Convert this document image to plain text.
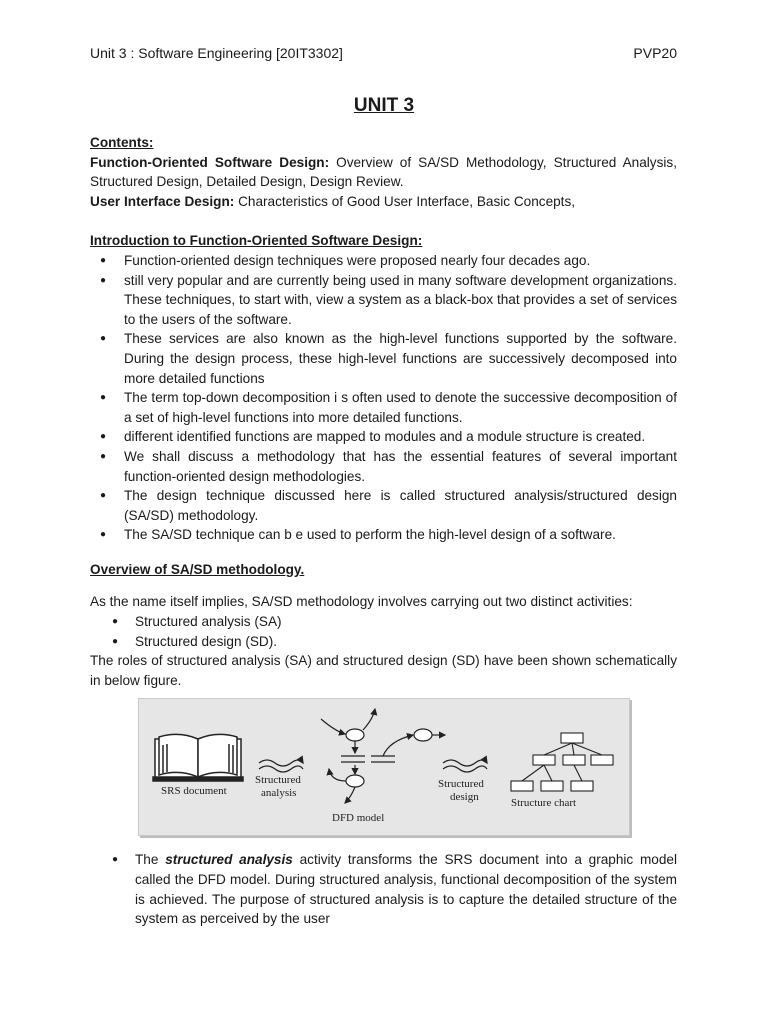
Unit 3 : Software Engineering [20IT3302]	PVP20
UNIT 3

Contents:

Function-Oriented Software Design: Overview of SA/SD Methodology, Structured Analysis, Structured Design, Detailed Design, Design Review.

User Interface Design: Characteristics of Good User Interface, Basic Concepts,

Introduction to Function-Oriented Software Design:

● Function-oriented design techniques were proposed nearly four decades ago.
● still very popular and are currently being used in many software development organizations. These techniques, to start with, view a system as a black-box that provides a set of services to the users of the software.
● These services are also known as the high-level functions supported by the software. During the design process, these high-level functions are successively decomposed into more detailed functions
● The term top-down decomposition i s often used to denote the successive decomposition of a set of high-level functions into more detailed functions.
● different identified functions are mapped to modules and a module structure is created.
● We shall discuss a methodology that has the essential features of several important function-oriented design methodologies.
● The design technique discussed here is called structured analysis/structured design (SA/SD) methodology.
● The SA/SD technique can b e used to perform the high-level design of a software.

Overview of SA/SD methodology.

As the name itself implies, SA/SD methodology involves carrying out two distinct activities:

● Structured analysis (SA)
● Structured design (SD).

The roles of structured analysis (SA) and structured design (SD) have been shown schematically in below figure.

SRS document
Structured
analysis
DFD model
Structured
design	Structure chart
● The structured analysis activity transforms the SRS document into a graphic model called the DFD model. During structured analysis, functional decomposition of the system is achieved. The purpose of structured analysis is to capture the detailed structure of the system as perceived by the user
